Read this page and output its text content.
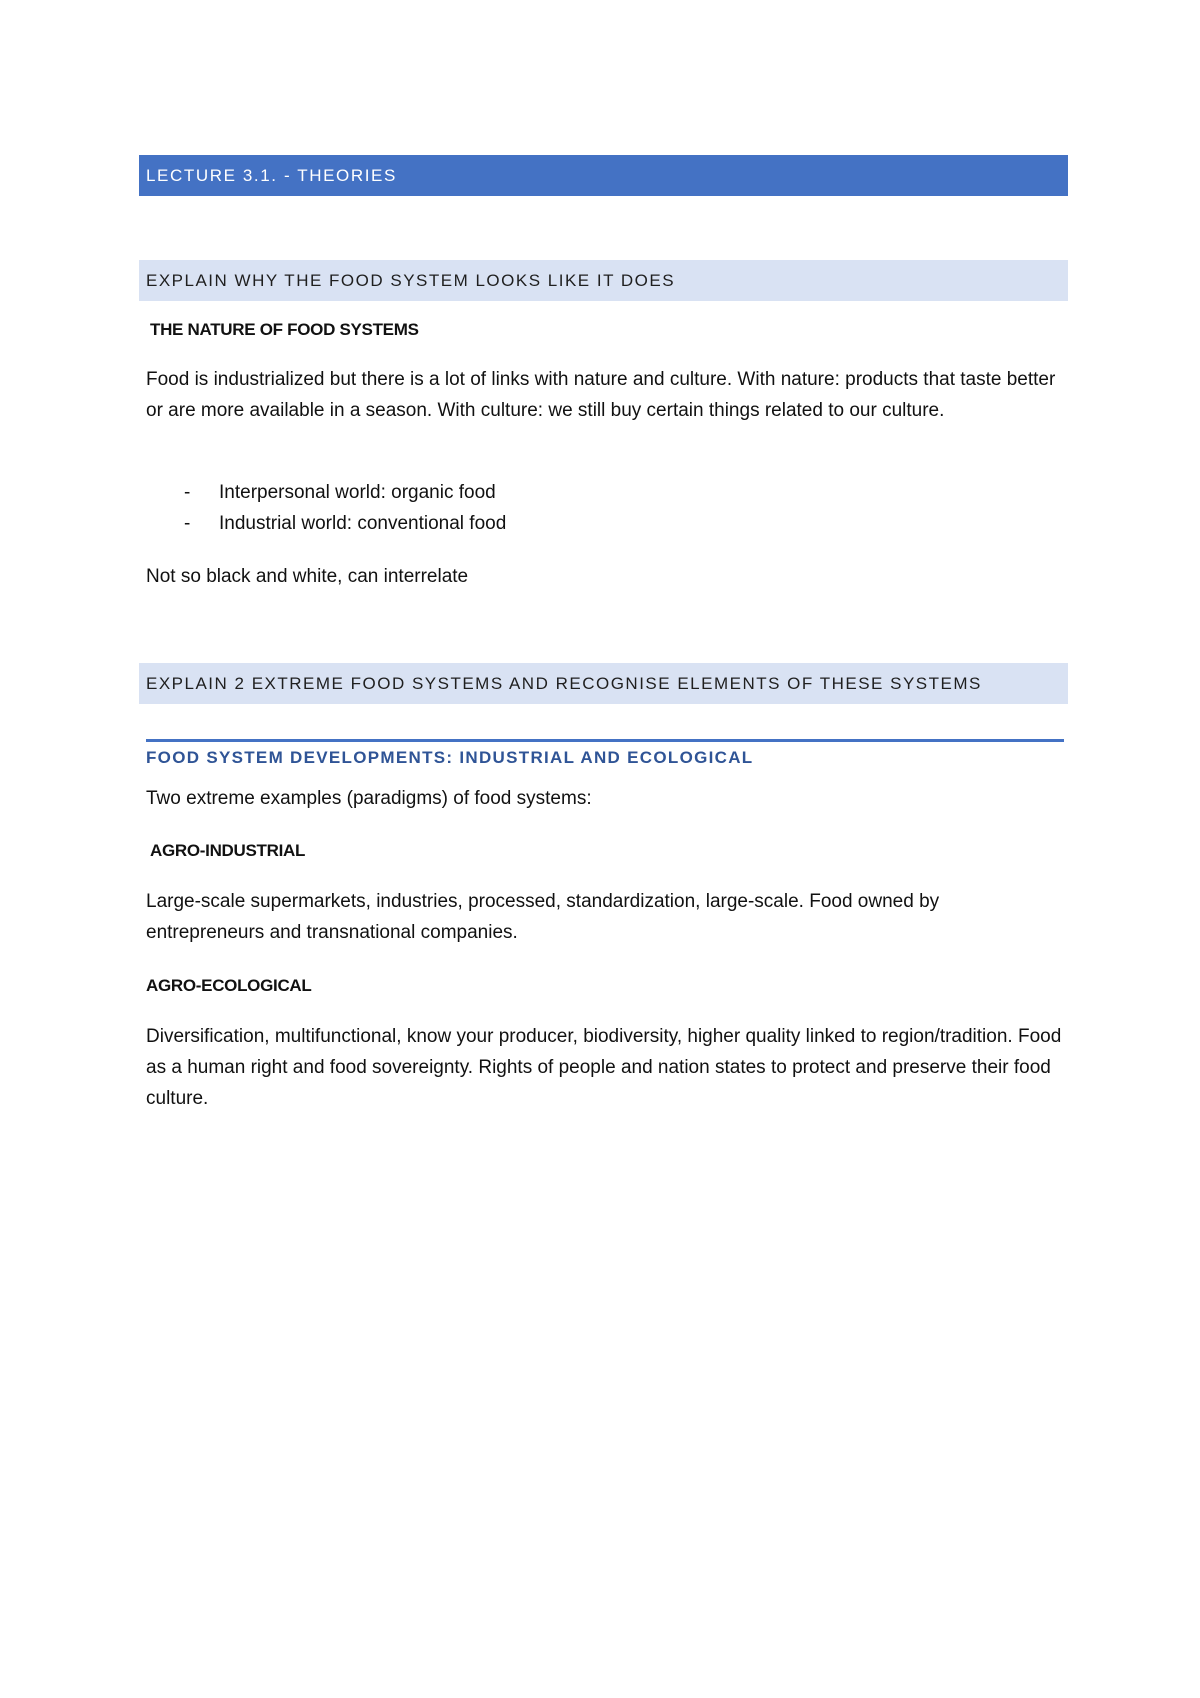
LECTURE 3.1. - THEORIES
EXPLAIN WHY THE FOOD SYSTEM LOOKS LIKE IT DOES
THE NATURE OF FOOD SYSTEMS
Food is industrialized but there is a lot of links with nature and culture. With nature: products that taste better or are more available in a season. With culture: we still buy certain things related to our culture.
- Interpersonal world: organic food
- Industrial world: conventional food
Not so black and white, can interrelate
EXPLAIN 2 EXTREME FOOD SYSTEMS AND RECOGNISE ELEMENTS OF THESE SYSTEMS
FOOD SYSTEM DEVELOPMENTS: INDUSTRIAL AND ECOLOGICAL
Two extreme examples (paradigms) of food systems:
AGRO-INDUSTRIAL
Large-scale supermarkets, industries, processed, standardization, large-scale. Food owned by entrepreneurs and transnational companies.
AGRO-ECOLOGICAL
Diversification, multifunctional, know your producer, biodiversity, higher quality linked to region/tradition. Food as a human right and food sovereignty. Rights of people and nation states to protect and preserve their food culture.
